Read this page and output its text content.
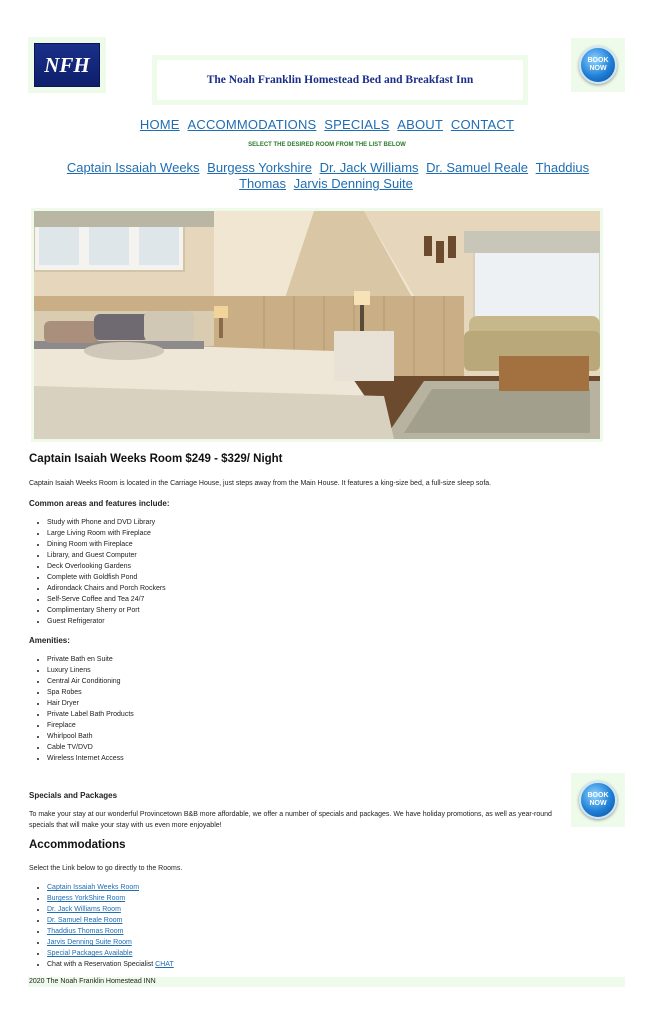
NFH
The Noah Franklin Homestead Bed and Breakfast Inn
BOOK
NOW
HOME ACCOMMODATIONS SPECIALS ABOUT CONTACT
SELECT THE DESIRED ROOM FROM THE LIST BELOW
Captain Issaiah Weeks Burgess Yorkshire Dr. Jack Williams Dr. Samuel Reale Thaddius Thomas Jarvis Denning Suite
Captain Isaiah Weeks Room $249 - $329/ Night
Captain Isaiah Weeks Room is located in the Carriage House, just steps away from the Main House. It features a king-size bed, a full-size sleep sofa.
Common areas and features include:
• Study with Phone and DVD Library
• Large Living Room with Fireplace
• Dining Room with Fireplace
• Library, and Guest Computer
• Deck Overlooking Gardens
• Complete with Goldfish Pond
• Adirondack Chairs and Porch Rockers
• Self-Serve Coffee and Tea 24/7
• Complimentary Sherry or Port
• Guest Refrigerator
Amenities:
• Private Bath en Suite
• Luxury Linens
• Central Air Conditioning
• Spa Robes
• Hair Dryer
• Private Label Bath Products
• Fireplace
• Whirlpool Bath
• Cable TV/DVD
• Wireless Internet Access
BOOK
NOW
Specials and Packages
To make your stay at our wonderful Provincetown B&B more affordable, we offer a number of specials and packages. We have holiday promotions, as well as year-round specials that will make your stay with us even more enjoyable!
Accommodations
Select the Link below to go directly to the Rooms.
• Captain Issaiah Weeks Room
• Burgess YorkShire Room
• Dr. Jack Williams Room
• Dr. Samuel Reale Room
• Thaddius Thomas Room
• Jarvis Denning Suite Room
• Special Packages Available
• Chat with a Reservation Specialist CHAT
2020 The Noah Franklin Homestead INN
